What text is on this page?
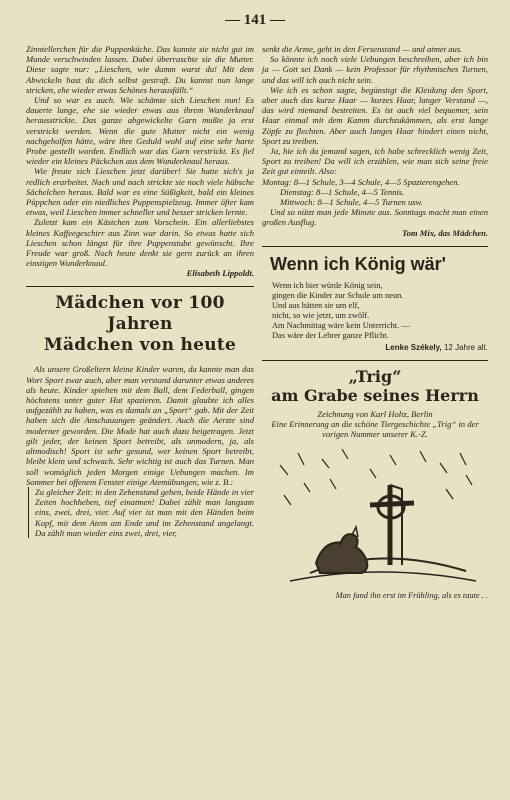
— 141 —

Zinntellerchen für die Puppenküche. Das konnte sie nicht gut im Munde verschwinden lassen. Dabei überraschte sie die Mutter. Diese sagte nur: „Lieschen, wie dumm warst du! Mit dem Abwickeln hast du dich selbst gestraft. Du kannst nun lange stricken, ehe wieder etwas Schönes herausfällt.“

Und so war es auch. Wie schämte sich Lieschen nun! Es dauerte lange, ehe sie wieder etwas aus ihrem Wunderknaul herausstrickte. Das ganze abgewickelte Garn mußte ja erst verstrickt werden. Wenn die gute Mutter nicht ein wenig nachgeholfen hätte, wäre ihre Geduld wohl auf eine sehr harte Probe gestellt worden. Endlich war das Garn verstrickt. Es fiel wieder ein kleines Päckchen aus dem Wunderknaul heraus.

Wie freute sich Lieschen jetzt darüber! Sie hatte sich's ja redlich erarbeitet. Nach und nach strickte sie noch viele hübsche Sächelchen heraus. Bald war es eine Süßigkeit, bald ein kleines Püppchen oder ein niedliches Puppenspielzeug. Immer öfter kam etwas, weil Lieschen immer schneller und besser stricken lernte.

Zuletzt kam ein Kästchen zum Vorschein. Ein allerliebstes kleines Kaffeegeschirr aus Zinn war darin. So etwas hatte sich Lieschen schon längst für ihre Puppenstube gewünscht. Ihre Freude war groß. Noch heute denkt sie gern zurück an ihren einstigen Wunderknaul.

Elisabeth Lippoldt.

Mädchen vor 100 Jahren
Mädchen von heute

Als unsere Großeltern kleine Kinder waren, da kannte man das Wort Sport zwar auch, aber man verstand darunter etwas anderes als heute. Kinder spielten mit dem Ball, dem Federball, gingen höchstens unter guter Hut spazieren. Damit glaubte ich alles aufgezählt zu haben, was es damals an „Sport“ gab. Mit der Zeit haben sich die Anschauungen geändert. Auch die Aerzte sind moderner geworden. Die Mode hat auch dazu beigetragen. Jetzt gilt jeder, der keinen Sport betreibt, als unmodern, ja, als altmodisch! Sport ist sehr gesund, wer keinen Sport betreibt, bleibt klein und schwach. Sehr wichtig ist auch das Turnen. Man soll womöglich jeden Morgen einige Uebungen machen. Im Sommer bei offenem Fenster einige Atemübungen, wie z. B.:

Zu gleicher Zeit: in den Zehenstand gehen, beide Hände in vier Zeiten hochheben, tief einatmen! Dabei zählt man langsam eins, zwei, drei, vier. Auf vier ist man mit den Händen beim Kopf, mit dem Atem am Ende und im Zehenstand angelangt. Da zählt man wieder eins zwei, drei, vier,

senkt die Arme, geht in den Fersenstand — und atmet aus.

So könnte ich noch viele Uebungen beschreiben, aber ich bin ja — Gott sei Dank — kein Professor für rhythmisches Turnen, und das will ich auch nicht sein.

Wie ich es schon sagte, begünstigt die Kleidung den Sport, aber auch das kurze Haar — kurzes Haar, langer Verstand —, das wird niemand bestreiten. Es ist auch viel bequemer, sein Haar einmal mit dem Kamm durchzukämmen, als erst lange Zöpfe zu flechten. Aber auch langes Haar hindert einen nicht, Sport zu treiben.

Ja, hie ich da jemand sagen, ich habe schrecklich wenig Zeit, Sport zu treiben! Da will ich erzählen, wie man sich seine freie Zeit gut einteilt. Also:

Montag: 8—1 Schule, 3—4 Schule, 4—5 Spazierengehen.
Dienstag: 8—1 Schule, 4—5 Tennis.
Mittwoch: 8—1 Schule, 4—5 Turnen usw.

Und so nützt man jede Minute aus. Sonntags macht man einen großen Ausflug.

Tom Mix, das Mädchen.

Wenn ich König wär'
Wenn ich hier würde König sein,
gingen die Kinder zur Schule um neun.
Und aus hätten sie um elf,
nicht, so wie jetzt, um zwölf.
Am Nachmittag wäre kein Unterricht. —
Das wäre der Lehrer ganze Pflicht.
Lenke Székely, 12 Jahre alt.
„Trig“
am Grabe seines Herrn

Zeichnung von Karl Holtz, Berlin

Eine Erinnerung an die schöne Tiergeschichte „Trig“ in der vorigen Nummer unserer K.-Z.

Man fand ihn erst im Frühling, als es taute . .
